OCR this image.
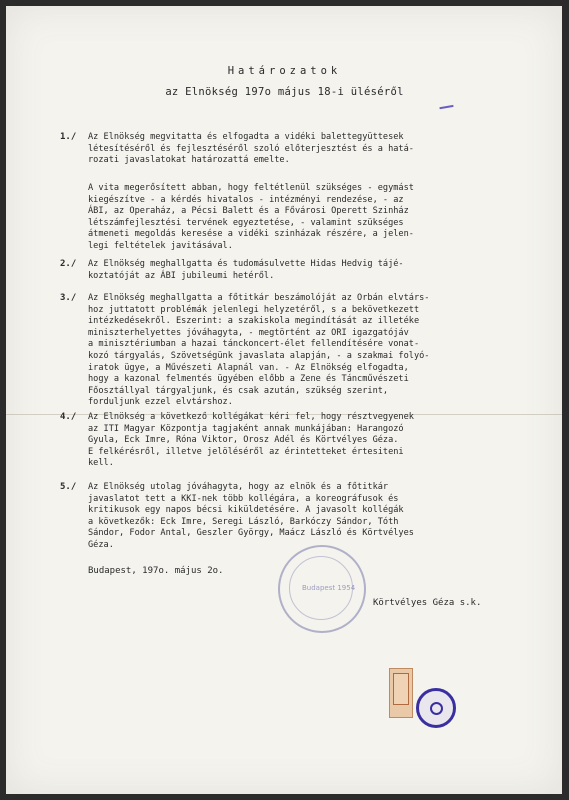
Határozatok
az Elnökség 197o május 18-i üléséről
1./ Az Elnökség megvitatta és elfogadta a vidéki balettegyüttesek
létesítéséről és fejlesztéséről szoló előterjesztést és a hatá-
rozati javaslatokat határozattá emelte.
A vita megerősített abban, hogy feltétlenül szükséges - egymást
kiegészítve - a kérdés hivatalos - intézményi rendezése, - az
ÁBI, az Operaház, a Pécsi Balett és a Fővárosi Operett Szinház
létszámfejlesztési tervének egyeztetése, - valamint szükséges
átmeneti megoldás keresése a vidéki szinházak részére, a jelen-
legi feltételek javitásával.
2./ Az Elnökség meghallgatta és tudomásulvette Hidas Hedvig tájé-
koztatóját az ÁBI jubileumi hetéről.
3./ Az Elnökség meghallgatta a főtitkár beszámolóját az Orbán elvtárs-
hoz juttatott problémák jelenlegi helyzetéről, s a bekövetkezett
intézkedésekről. Eszerint: a szakiskola megindítását az illetéke
miniszterhelyettes jóváhagyta, - megtörtént az ORI igazgatójáv
a minisztériumban a hazai tánckoncert-élet fellendítésére vonat-
kozó tárgyalás, Szövetségünk javaslata alapján, - a szakmai folyó-
iratok ügye, a Művészeti Alapnál van. - Az Elnökség elfogadta,
hogy a kazonal felmentés ügyében előbb a Zene és Táncművészeti
Főosztállyal tárgyaljunk, és csak azután, szükség szerint,
forduljunk ezzel elvtárshoz.
4./ Az Elnökség a következő kollégákat kéri fel, hogy résztvegyenek
az ITI Magyar Központja tagjaként annak munkájában: Harangozó
Gyula, Eck Imre, Róna Viktor, Orosz Adél és Körtvélyes Géza.
E felkérésről, illetve jelöléséről az érintetteket értesiteni
kell.
5./ Az Elnökség utolag jóváhagyta, hogy az elnök és a főtitkár
javaslatot tett a KKI-nek több kollégára, a koreográfusok és
kritikusok egy napos bécsi kiküldetésére. A javasolt kollégák
a következők: Eck Imre, Seregi László, Barkóczy Sándor, Tóth
Sándor, Fodor Antal, Geszler György, Maácz László és Körtvélyes
Géza.
Budapest, 197o. május 2o.
Körtvélyes Géza s.k.
Budapest 1954
